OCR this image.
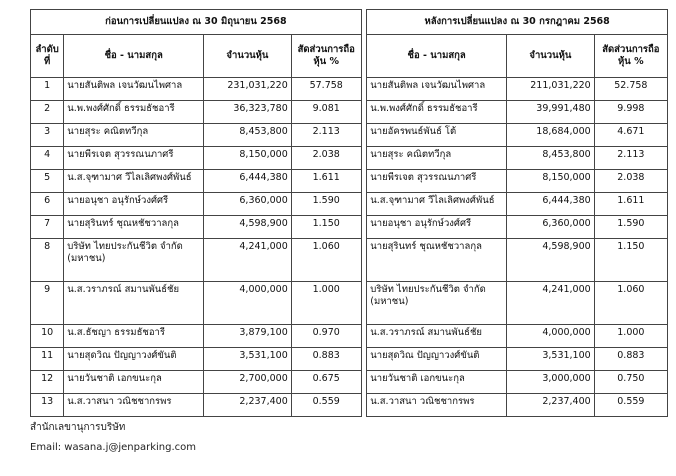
ก่อนการเปลี่ยนแปลง ณ 30 มิถุนายน 2568					หลังการเปลี่ยนแปลง ณ 30 กรกฎาคม 2568		
ลำดับที่	ชื่อ - นามสกุล	จำนวนหุ้น	สัดส่วนการถือหุ้น %		ชื่อ - นามสกุล	จำนวนหุ้น	สัดส่วนการถือหุ้น %
1	นายสันติพล เจนวัฒนไพศาล	231,031,220	57.758		นายสันติพล เจนวัฒนไพศาล	211,031,220	52.758
2	น.พ.พงศ์ศักดิ์ ธรรมธัชอารี	36,323,780	9.081		น.พ.พงศ์ศักดิ์ ธรรมธัชอารี	39,991,480	9.998
3	นายสุระ คณิตทวีกุล	8,453,800	2.113		นายอัครพนธ์พันธ์ โต้	18,684,000	4.671
4	นายพีรเจต สุวรรณนภาศรี	8,150,000	2.038		นายสุระ คณิตทวีกุล	8,453,800	2.113
5	น.ส.จุฑามาศ วีไลเลิศพงศ์พันธ์	6,444,380	1.611		นายพีรเจต สุวรรณนภาศรี	8,150,000	2.038
6	นายอนุชา อนุรักษ์วงศ์ศรี	6,360,000	1.590		น.ส.จุฑามาศ วีไลเลิศพงศ์พันธ์	6,444,380	1.611
7	นายสุรินทร์ ชุณหชัชวาลกุล	4,598,900	1.150		นายอนุชา อนุรักษ์วงศ์ศรี	6,360,000	1.590
8	บริษัท ไทยประกันชีวิต จำกัด (มหาชน)	4,241,000	1.060		นายสุรินทร์ ชุณหชัชวาลกุล	4,598,900	1.150
9	น.ส.วราภรณ์ สมานพันธ์ชัย	4,000,000	1.000		บริษัท ไทยประกันชีวิต จำกัด (มหาชน)	4,241,000	1.060
10	น.ส.ธัชญา ธรรมธัชอารี	3,879,100	0.970		น.ส.วราภรณ์ สมานพันธ์ชัย	4,000,000	1.000
11	นายสุดวิณ ปัญญาวงศ์ขันติ	3,531,100	0.883		นายสุดวิณ ปัญญาวงศ์ขันติ	3,531,100	0.883
12	นายวันชาติ เอกขนะกุล	2,700,000	0.675		นายวันชาติ เอกขนะกุล	3,000,000	0.750
13	น.ส.วาสนา วณิชชากรพร	2,237,400	0.559		น.ส.วาสนา วณิชชากรพร	2,237,400	0.559
สำนักเลขานุการบริษัท
Email: wasana.j@jenparking.com
